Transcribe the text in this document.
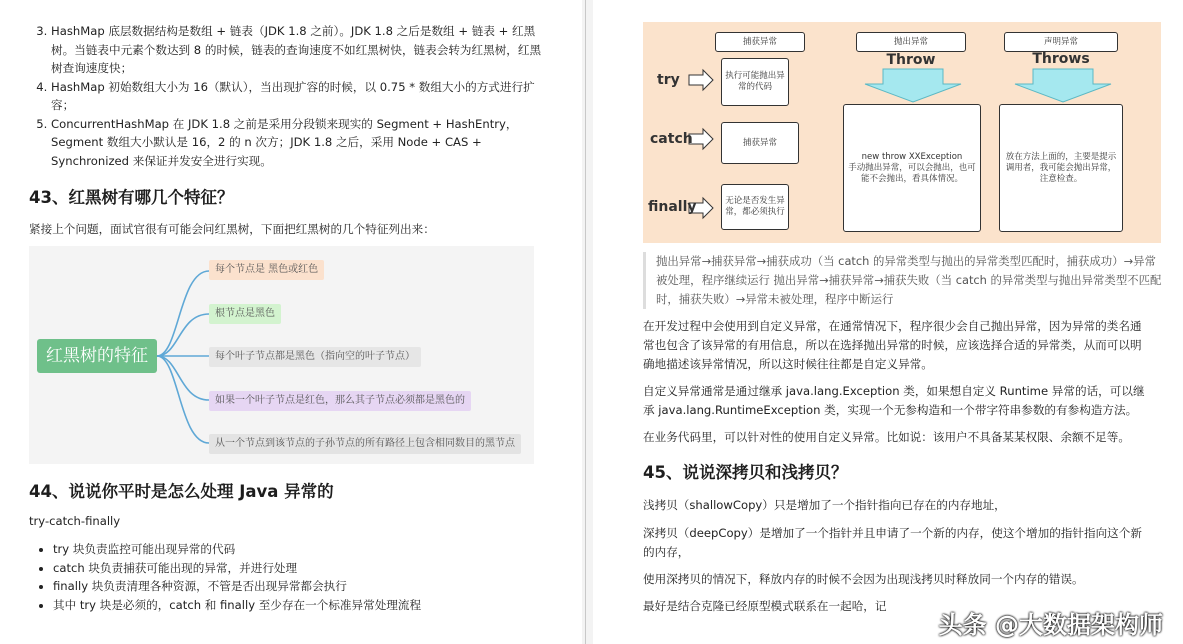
3. HashMap 底层数据结构是数组 + 链表（JDK 1.8 之前）。JDK 1.8 之后是数组 + 链表 + 红黑树。当链表中元素个数达到 8 的时候，链表的查询速度不如红黑树快，链表会转为红黑树，红黑树查询速度快；
4. HashMap 初始数组大小为 16（默认），当出现扩容的时候，以 0.75 * 数组大小的方式进行扩容；
5. ConcurrentHashMap 在 JDK 1.8 之前是采用分段锁来现实的 Segment + HashEntry，Segment 数组大小默认是 16，2 的 n 次方；JDK 1.8 之后，采用 Node + CAS + Synchronized 来保证并发安全进行实现。
43、红黑树有哪几个特征？

紧接上个问题，面试官很有可能会问红黑树，下面把红黑树的几个特征列出来：

红黑树的特征
每个节点是 黑色或红色
根节点是黑色
每个叶子节点都是黑色（指向空的叶子节点）
如果一个叶子节点是红色，那么其子节点必须都是黑色的
从一个节点到该节点的子孙节点的所有路径上包含相同数目的黑节点
44、说说你平时是怎么处理 Java 异常的

try-catch-finally

• try 块负责监控可能出现异常的代码
• catch 块负责捕获可能出现的异常，并进行处理
• finally 块负责清理各种资源，不管是否出现异常都会执行
• 其中 try 块是必须的，catch 和 finally 至少存在一个标准异常处理流程
捕获异常	抛出异常	声明异常
Throw	Throws
try
catch
finally
执行可能抛出异常的代码
捕获异常
无论是否发生异常，都必须执行
new throw XXException
手动抛出异常，可以会抛出，也可能不会抛出，看具体情况。
放在方法上面的，主要是提示调用者，我可能会抛出异常，注意检查。
抛出异常→捕获异常→捕获成功（当 catch 的异常类型与抛出的异常类型匹配时，捕获成功）→异常被处理，程序继续运行 抛出异常→捕获异常→捕获失败（当 catch 的异常类型与抛出异常类型不匹配时，捕获失败）→异常未被处理，程序中断运行

在开发过程中会使用到自定义异常，在通常情况下，程序很少会自己抛出异常，因为异常的类名通常也包含了该异常的有用信息，所以在选择抛出异常的时候，应该选择合适的异常类，从而可以明确地描述该异常情况，所以这时候往往都是自定义异常。

自定义异常通常是通过继承 java.lang.Exception 类，如果想自定义 Runtime 异常的话，可以继承 java.lang.RuntimeException 类，实现一个无参构造和一个带字符串参数的有参构造方法。

在业务代码里，可以针对性的使用自定义异常。比如说：该用户不具备某某权限、余额不足等。

45、说说深拷贝和浅拷贝？

浅拷贝（shallowCopy）只是增加了一个指针指向已存在的内存地址，

深拷贝（deepCopy）是增加了一个指针并且申请了一个新的内存，使这个增加的指针指向这个新的内存，

使用深拷贝的情况下，释放内存的时候不会因为出现浅拷贝时释放同一个内存的错误。

最好是结合克隆已经原型模式联系在一起哈，记

头条 @大数据架构师
